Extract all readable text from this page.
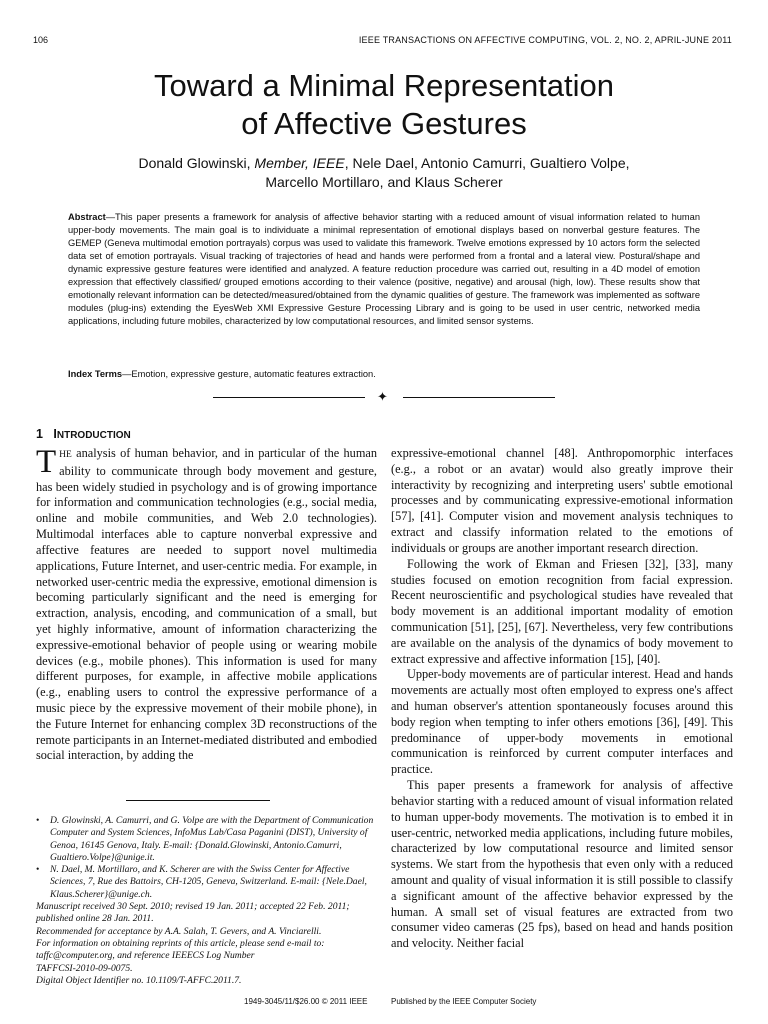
106	IEEE TRANSACTIONS ON AFFECTIVE COMPUTING, VOL. 2, NO. 2, APRIL-JUNE 2011
Toward a Minimal Representation
of Affective Gestures
Donald Glowinski, Member, IEEE, Nele Dael, Antonio Camurri, Gualtiero Volpe,
Marcello Mortillaro, and Klaus Scherer

Abstract—This paper presents a framework for analysis of affective behavior starting with a reduced amount of visual information related to human upper-body movements. The main goal is to individuate a minimal representation of emotional displays based on nonverbal gesture features. The GEMEP (Geneva multimodal emotion portrayals) corpus was used to validate this framework. Twelve emotions expressed by 10 actors form the selected data set of emotion portrayals. Visual tracking of trajectories of head and hands were performed from a frontal and a lateral view. Postural/shape and dynamic expressive gesture features were identified and analyzed. A feature reduction procedure was carried out, resulting in a 4D model of emotion expression that effectively classified/ grouped emotions according to their valence (positive, negative) and arousal (high, low). These results show that emotionally relevant information can be detected/measured/obtained from the dynamic qualities of gesture. The framework was implemented as software modules (plug-ins) extending the EyesWeb XMI Expressive Gesture Processing Library and is going to be used in user centric, networked media applications, including future mobiles, characterized by low computational resources, and limited sensor systems.

Index Terms—Emotion, expressive gesture, automatic features extraction.
✦
1 INTRODUCTION

THE analysis of human behavior, and in particular of the human ability to communicate through body movement and gesture, has been widely studied in psychology and is of growing importance for information and communication technologies (e.g., social media, online and mobile communities, and Web 2.0 technologies). Multimodal interfaces able to capture nonverbal expressive and affective features are needed to support novel multimedia applications, Future Internet, and user-centric media. For example, in networked user-centric media the expressive, emotional dimension is becoming particularly significant and the need is emerging for extraction, analysis, encoding, and communication of a small, but yet highly informative, amount of information characterizing the expressive-emotional behavior of people using or wearing mobile devices (e.g., mobile phones). This information is used for many different purposes, for example, in affective mobile applications (e.g., enabling users to control the expressive performance of a music piece by the expressive movement of their mobile phone), in the Future Internet for enhancing complex 3D reconstructions of the remote participants in an Internet-mediated distributed and embodied social interaction, by adding the

• D. Glowinski, A. Camurri, and G. Volpe are with the Department of Communication Computer and System Sciences, InfoMus Lab/Casa Paganini (DIST), University of Genoa, 16145 Genova, Italy. E-mail: {Donald.Glowinski, Antonio.Camurri, Gualtiero.Volpe}@unige.it.
• N. Dael, M. Mortillaro, and K. Scherer are with the Swiss Center for Affective Sciences, 7, Rue des Battoirs, CH-1205, Geneva, Switzerland. E-mail: {Nele.Dael, Klaus.Scherer}@unige.ch.

Manuscript received 30 Sept. 2010; revised 19 Jan. 2011; accepted 22 Feb. 2011; published online 28 Jan. 2011.

Recommended for acceptance by A.A. Salah, T. Gevers, and A. Vinciarelli.

For information on obtaining reprints of this article, please send e-mail to: taffc@computer.org, and reference IEEECS Log Number

TAFFCSI-2010-09-0075.

Digital Object Identifier no. 10.1109/T-AFFC.2011.7.

expressive-emotional channel [48]. Anthropomorphic interfaces (e.g., a robot or an avatar) would also greatly improve their interactivity by recognizing and interpreting users' subtle emotional processes and by communicating expressive-emotional information [57], [41]. Computer vision and movement analysis techniques to extract and classify information related to the emotions of individuals or groups are another important research direction.

Following the work of Ekman and Friesen [32], [33], many studies focused on emotion recognition from facial expression. Recent neuroscientific and psychological studies have revealed that body movement is an additional important modality of emotion communication [51], [25], [67]. Nevertheless, very few contributions are available on the analysis of the dynamics of body movement to extract expressive and affective information [15], [40].

Upper-body movements are of particular interest. Head and hands movements are actually most often employed to express one's affect and human observer's attention spontaneously focuses around this body region when tempting to infer others emotions [36], [49]. This predominance of upper-body movements in emotional communication is reinforced by current computer interfaces and practice.

This paper presents a framework for analysis of affective behavior starting with a reduced amount of visual information related to human upper-body movements. The motivation is to embed it in user-centric, networked media applications, including future mobiles, characterized by low computational resource and limited sensor systems. We start from the hypothesis that even only with a reduced amount and quality of visual information it is still possible to classify a significant amount of the affective behavior expressed by the human. A small set of visual features are extracted from two consumer video cameras (25 fps), based on head and hands position and velocity. Neither facial

1949-3045/11/$26.00 © 2011 IEEE	Published by the IEEE Computer Society
